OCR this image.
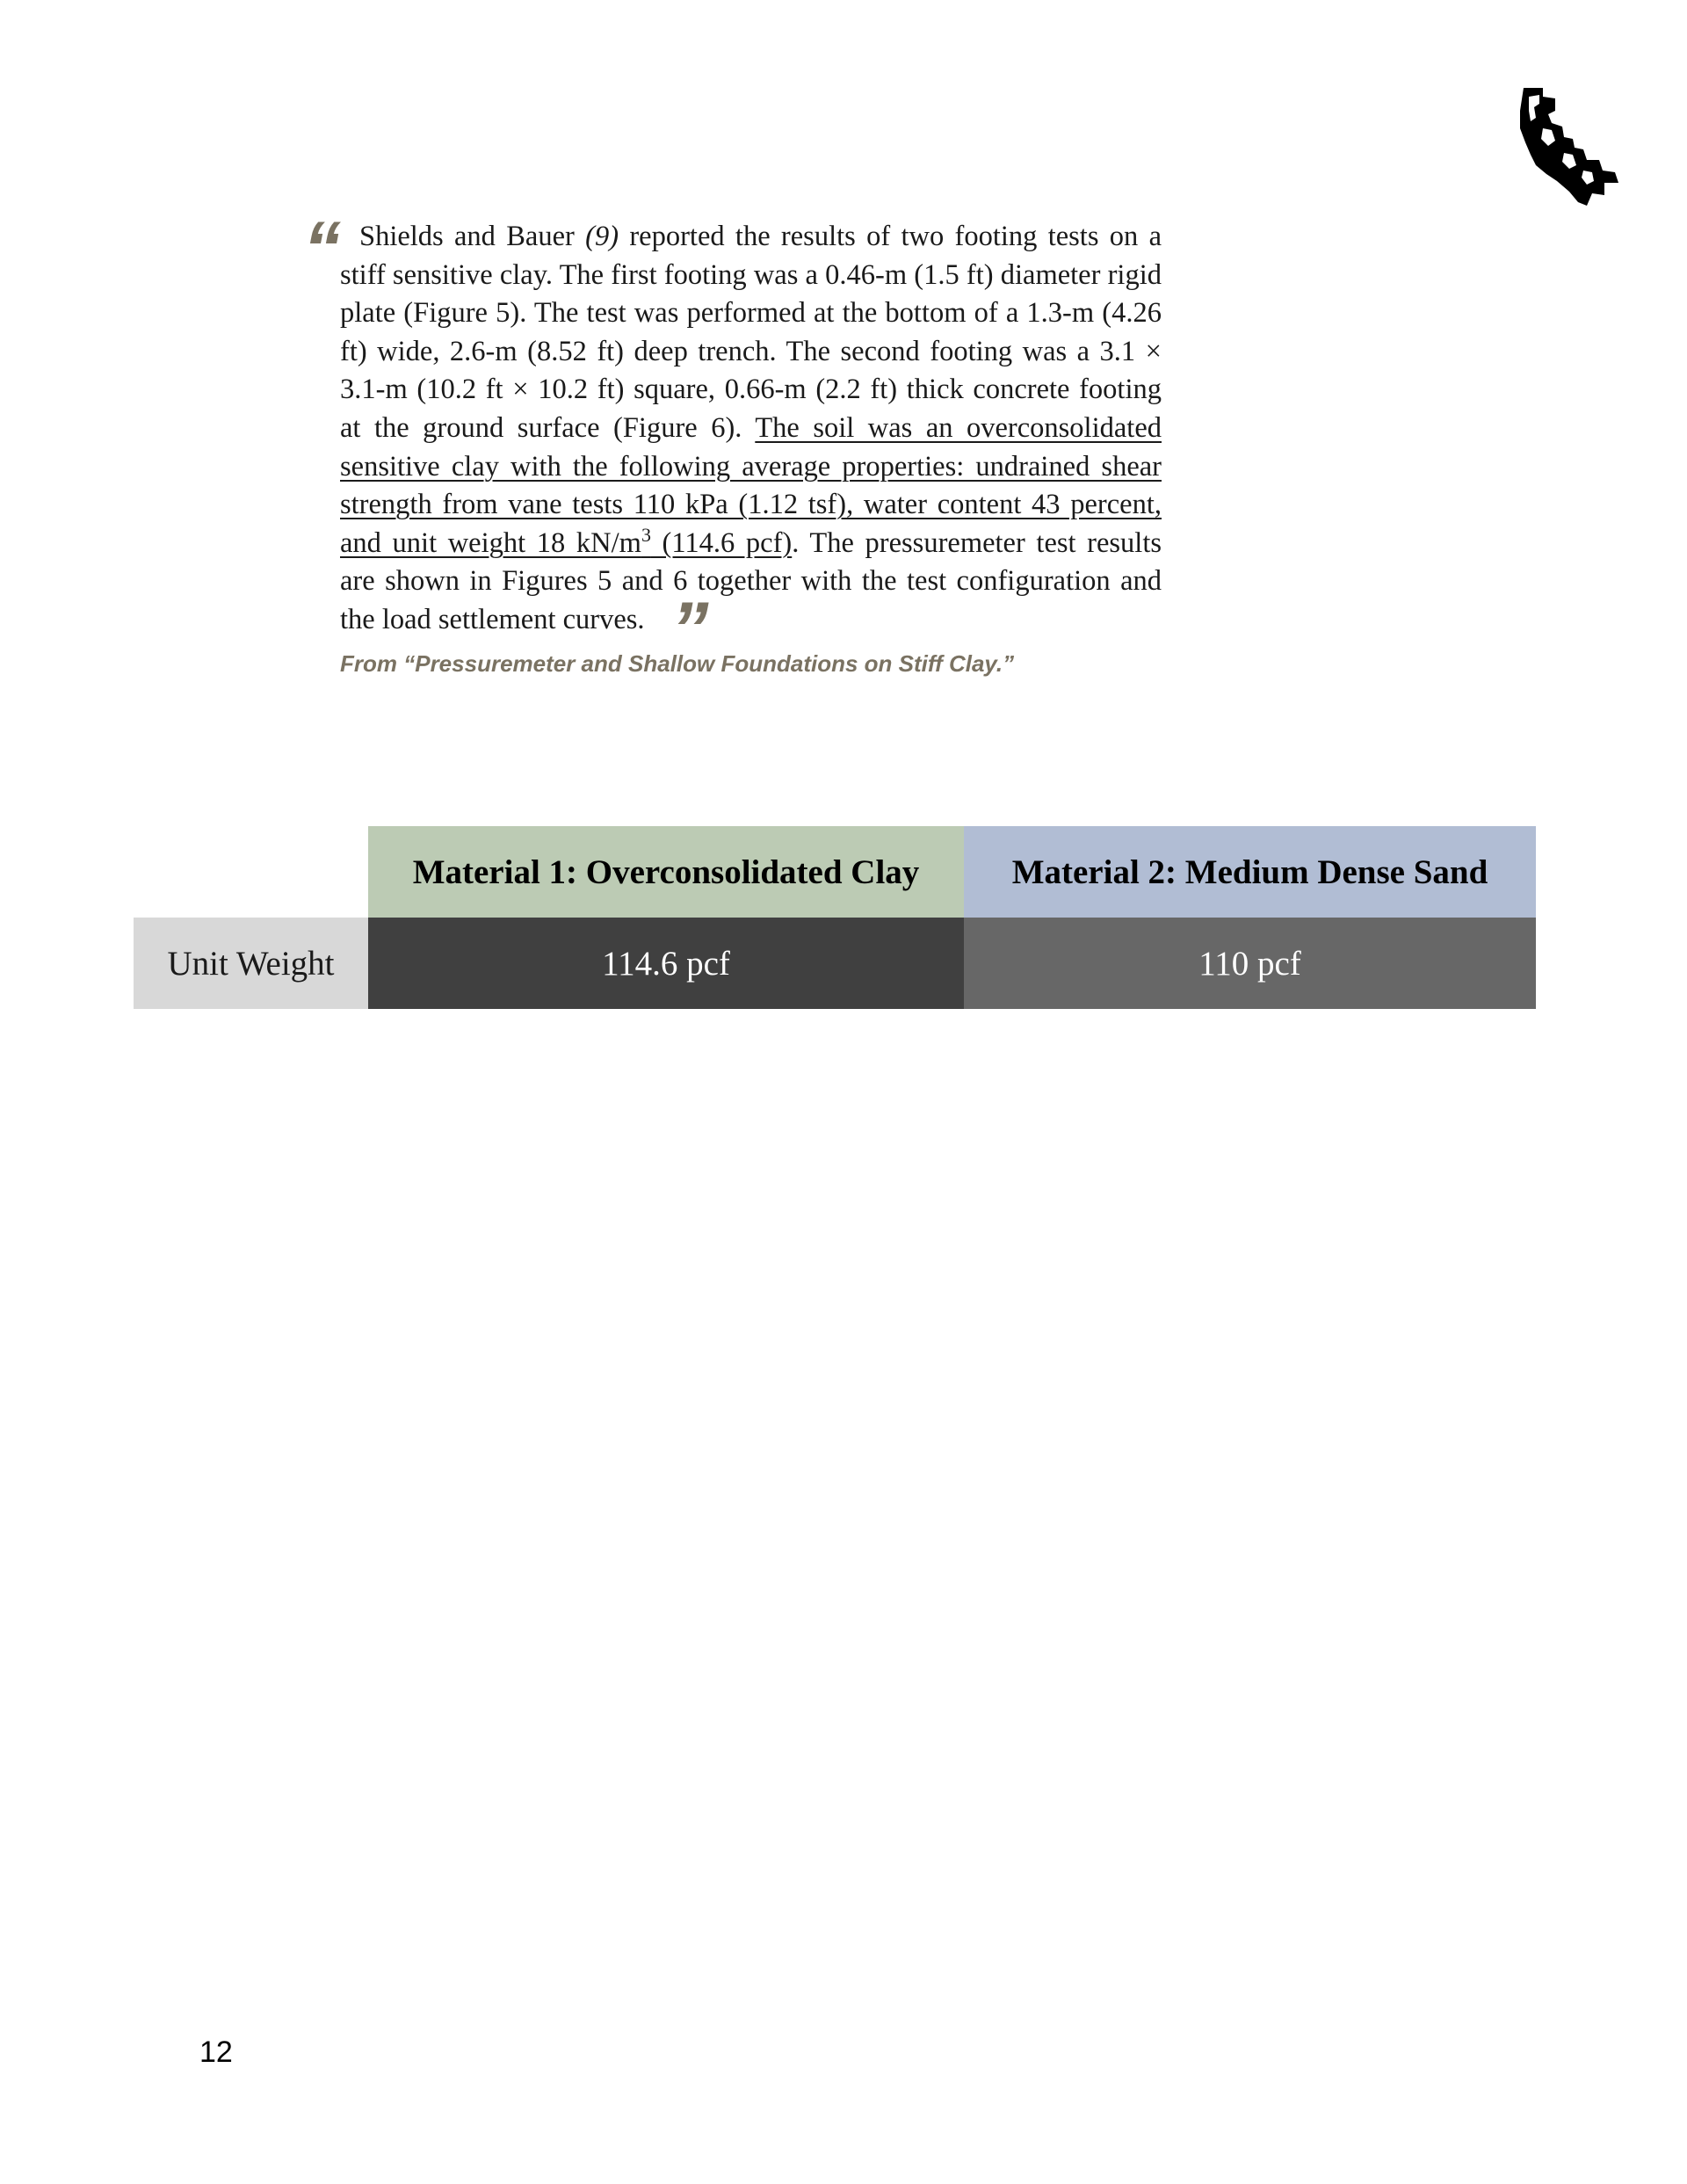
“ Shields and Bauer (9) reported the results of two footing tests on a stiff sensitive clay. The first footing was a 0.46-m (1.5 ft) diameter rigid plate (Figure 5). The test was performed at the bottom of a 1.3-m (4.26 ft) wide, 2.6-m (8.52 ft) deep trench. The second footing was a 3.1 × 3.1-m (10.2 ft × 10.2 ft) square, 0.66-m (2.2 ft) thick concrete footing at the ground surface (Figure 6). The soil was an overconsolidated sensitive clay with the following average properties: undrained shear strength from vane tests 110 kPa (1.12 tsf), water content 43 percent, and unit weight 18 $kN/m^3$ (114.6 pcf). The pressuremeter test results are shown in Figures 5 and 6 together with the test configuration and the load settlement curves. ”

From “Pressuremeter and Shallow Foundations on Stiff Clay.”
	Material 1: Overconsolidated Clay	Material 2: Medium Dense Sand
Unit Weight	114.6 pcf	110 pcf
12
